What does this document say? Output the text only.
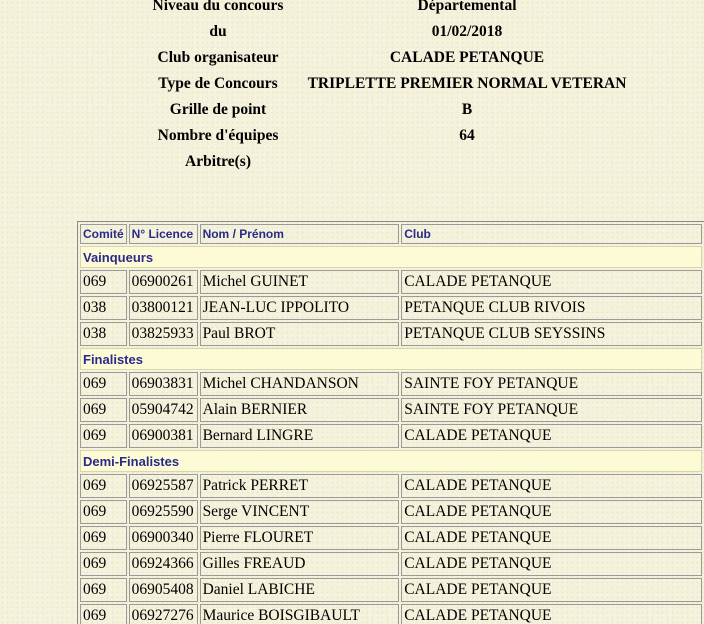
Niveau du concours	Départemental
du	01/02/2018
Club organisateur	CALADE PETANQUE
Type de Concours	TRIPLETTE PREMIER NORMAL VETERAN
Grille de point	B
Nombre d'équipes	64
Arbitre(s)
Comité	N° Licence	Nom / Prénom	Club
Vainqueurs			
069	06900261	Michel GUINET	CALADE PETANQUE
038	03800121	JEAN-LUC IPPOLITO	PETANQUE CLUB RIVOIS
038	03825933	Paul BROT	PETANQUE CLUB SEYSSINS
Finalistes			
069	06903831	Michel CHANDANSON	SAINTE FOY PETANQUE
069	05904742	Alain BERNIER	SAINTE FOY PETANQUE
069	06900381	Bernard LINGRE	CALADE PETANQUE
Demi-Finalistes			
069	06925587	Patrick PERRET	CALADE PETANQUE
069	06925590	Serge VINCENT	CALADE PETANQUE
069	06900340	Pierre FLOURET	CALADE PETANQUE
069	06924366	Gilles FREAUD	CALADE PETANQUE
069	06905408	Daniel LABICHE	CALADE PETANQUE
069	06927276	Maurice BOISGIBAULT	CALADE PETANQUE
